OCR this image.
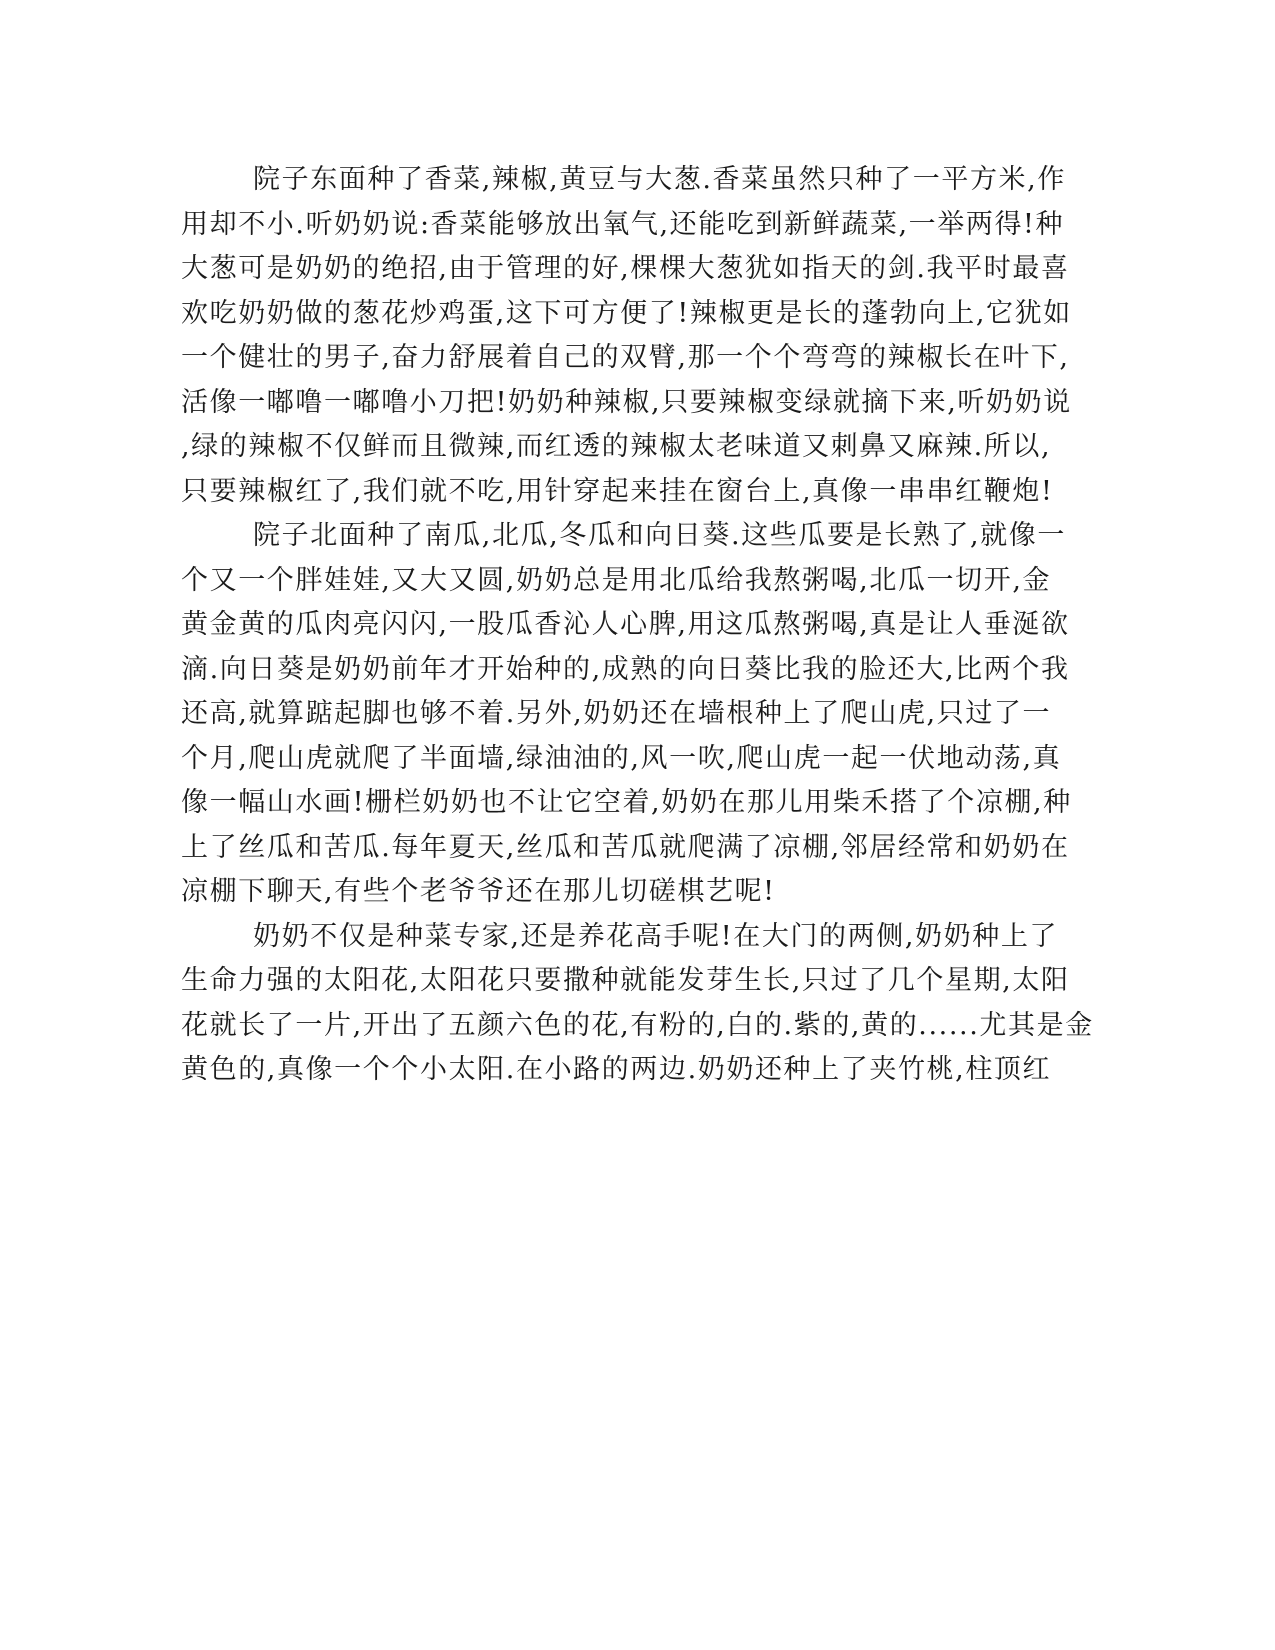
院子东面种了香菜,辣椒,黄豆与大葱.香菜虽然只种了一平方米,作
用却不小.听奶奶说:香菜能够放出氧气,还能吃到新鲜蔬菜,一举两得!种
大葱可是奶奶的绝招,由于管理的好,棵棵大葱犹如指天的剑.我平时最喜
欢吃奶奶做的葱花炒鸡蛋,这下可方便了!辣椒更是长的蓬勃向上,它犹如
一个健壮的男子,奋力舒展着自己的双臂,那一个个弯弯的辣椒长在叶下,
活像一嘟噜一嘟噜小刀把!奶奶种辣椒,只要辣椒变绿就摘下来,听奶奶说
,绿的辣椒不仅鲜而且微辣,而红透的辣椒太老味道又刺鼻又麻辣.所以,
只要辣椒红了,我们就不吃,用针穿起来挂在窗台上,真像一串串红鞭炮!
院子北面种了南瓜,北瓜,冬瓜和向日葵.这些瓜要是长熟了,就像一
个又一个胖娃娃,又大又圆,奶奶总是用北瓜给我熬粥喝,北瓜一切开,金
黄金黄的瓜肉亮闪闪,一股瓜香沁人心脾,用这瓜熬粥喝,真是让人垂涎欲
滴.向日葵是奶奶前年才开始种的,成熟的向日葵比我的脸还大,比两个我
还高,就算踮起脚也够不着.另外,奶奶还在墙根种上了爬山虎,只过了一
个月,爬山虎就爬了半面墙,绿油油的,风一吹,爬山虎一起一伏地动荡,真
像一幅山水画!栅栏奶奶也不让它空着,奶奶在那儿用柴禾搭了个凉棚,种
上了丝瓜和苦瓜.每年夏天,丝瓜和苦瓜就爬满了凉棚,邻居经常和奶奶在
凉棚下聊天,有些个老爷爷还在那儿切磋棋艺呢!
奶奶不仅是种菜专家,还是养花高手呢!在大门的两侧,奶奶种上了
生命力强的太阳花,太阳花只要撒种就能发芽生长,只过了几个星期,太阳
花就长了一片,开出了五颜六色的花,有粉的,白的.紫的,黄的......尤其是金
黄色的,真像一个个小太阳.在小路的两边.奶奶还种上了夹竹桃,柱顶红
